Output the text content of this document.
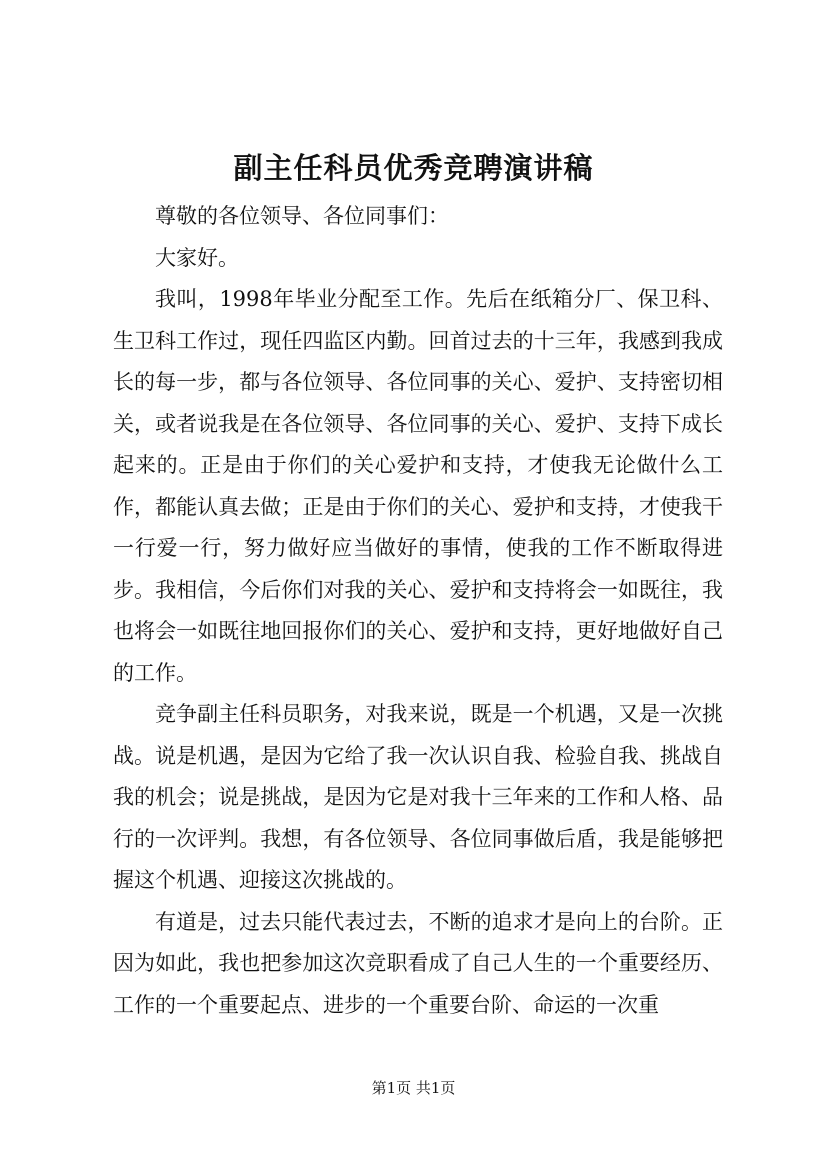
副主任科员优秀竞聘演讲稿

尊敬的各位领导、各位同事们：

大家好。

我叫，1998年毕业分配至工作。先后在纸箱分厂、保卫科、生卫科工作过，现任四监区内勤。回首过去的十三年，我感到我成长的每一步，都与各位领导、各位同事的关心、爱护、支持密切相关，或者说我是在各位领导、各位同事的关心、爱护、支持下成长起来的。正是由于你们的关心爱护和支持，才使我无论做什么工作，都能认真去做；正是由于你们的关心、爱护和支持，才使我干一行爱一行，努力做好应当做好的事情，使我的工作不断取得进步。我相信，今后你们对我的关心、爱护和支持将会一如既往，我也将会一如既往地回报你们的关心、爱护和支持，更好地做好自己的工作。

竞争副主任科员职务，对我来说，既是一个机遇，又是一次挑战。说是机遇，是因为它给了我一次认识自我、检验自我、挑战自我的机会；说是挑战，是因为它是对我十三年来的工作和人格、品行的一次评判。我想，有各位领导、各位同事做后盾，我是能够把握这个机遇、迎接这次挑战的。

有道是，过去只能代表过去，不断的追求才是向上的台阶。正因为如此，我也把参加这次竞职看成了自己人生的一个重要经历、工作的一个重要起点、进步的一个重要台阶、命运的一次重

第1页 共1页
